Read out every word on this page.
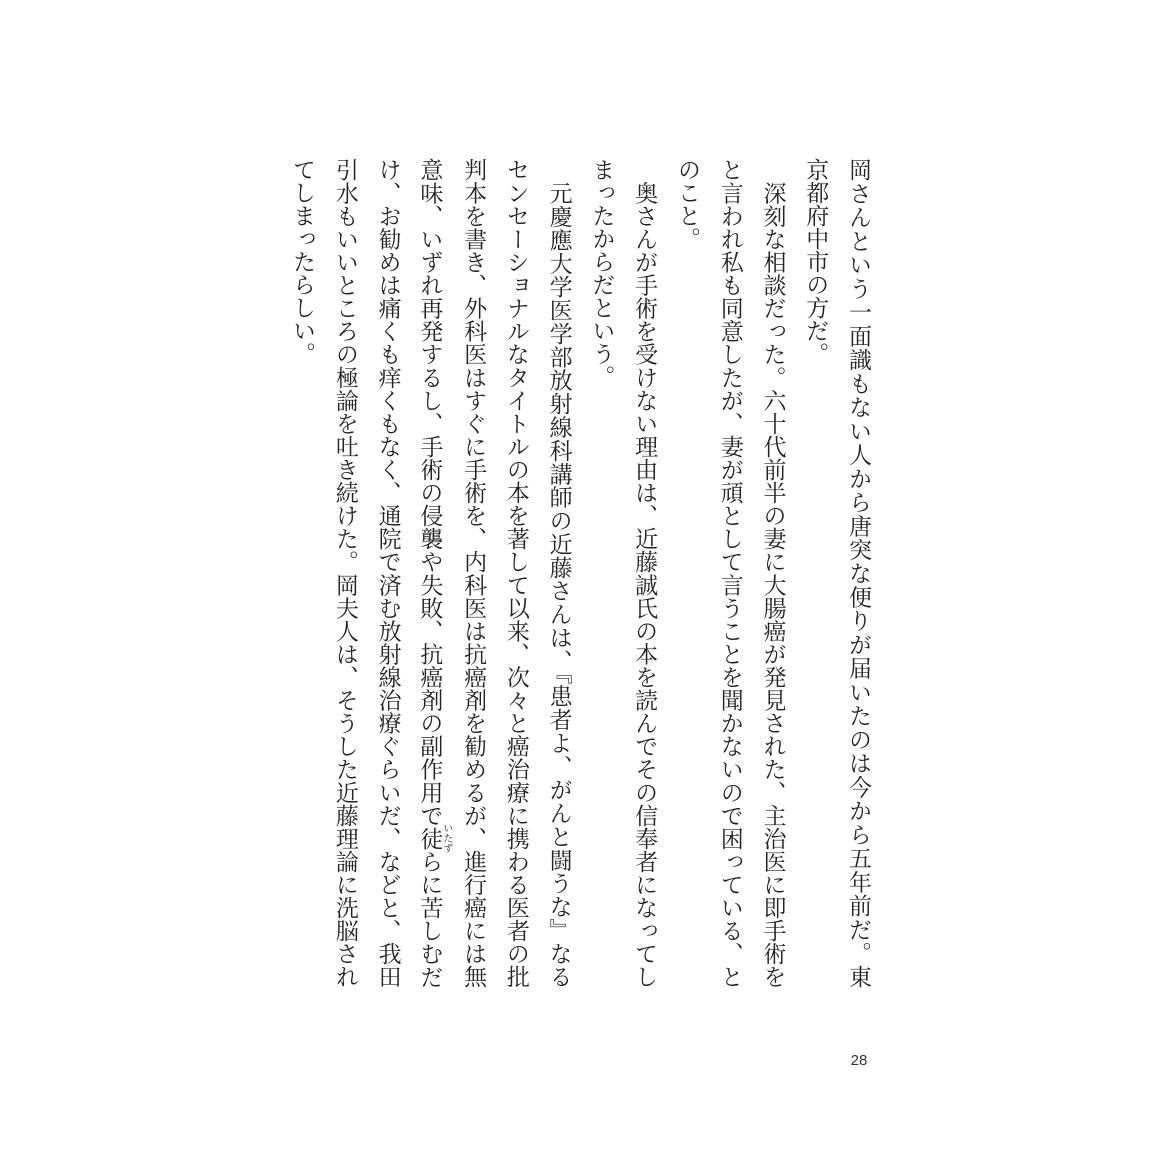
岡さんという一面識もない人から唐突な便りが届いたのは今から五年前だ。東
京都府中市の方だ。
　深刻な相談だった。六十代前半の妻に大腸癌が発見された、主治医に即手術を
と言われ私も同意したが、妻が頑として言うことを聞かないので困っている、と
のこと。
　奥さんが手術を受けない理由は、近藤誠氏の本を読んでその信奉者になってし
まったからだという。
　元慶應大学医学部放射線科講師の近藤さんは、『患者よ、がんと闘うな』なる
センセーショナルなタイトルの本を著して以来、次々と癌治療に携わる医者の批
判本を書き、外科医はすぐに手術を、内科医は抗癌剤を勧めるが、進行癌には無
意味、いずれ再発するし、手術の侵襲や失敗、抗癌剤の副作用で徒いたずらに苦しむだ
け、お勧めは痛くも痒くもなく、通院で済む放射線治療ぐらいだ、などと、我田
引水もいいところの極論を吐き続けた。岡夫人は、そうした近藤理論に洗脳され
てしまったらしい。
28
